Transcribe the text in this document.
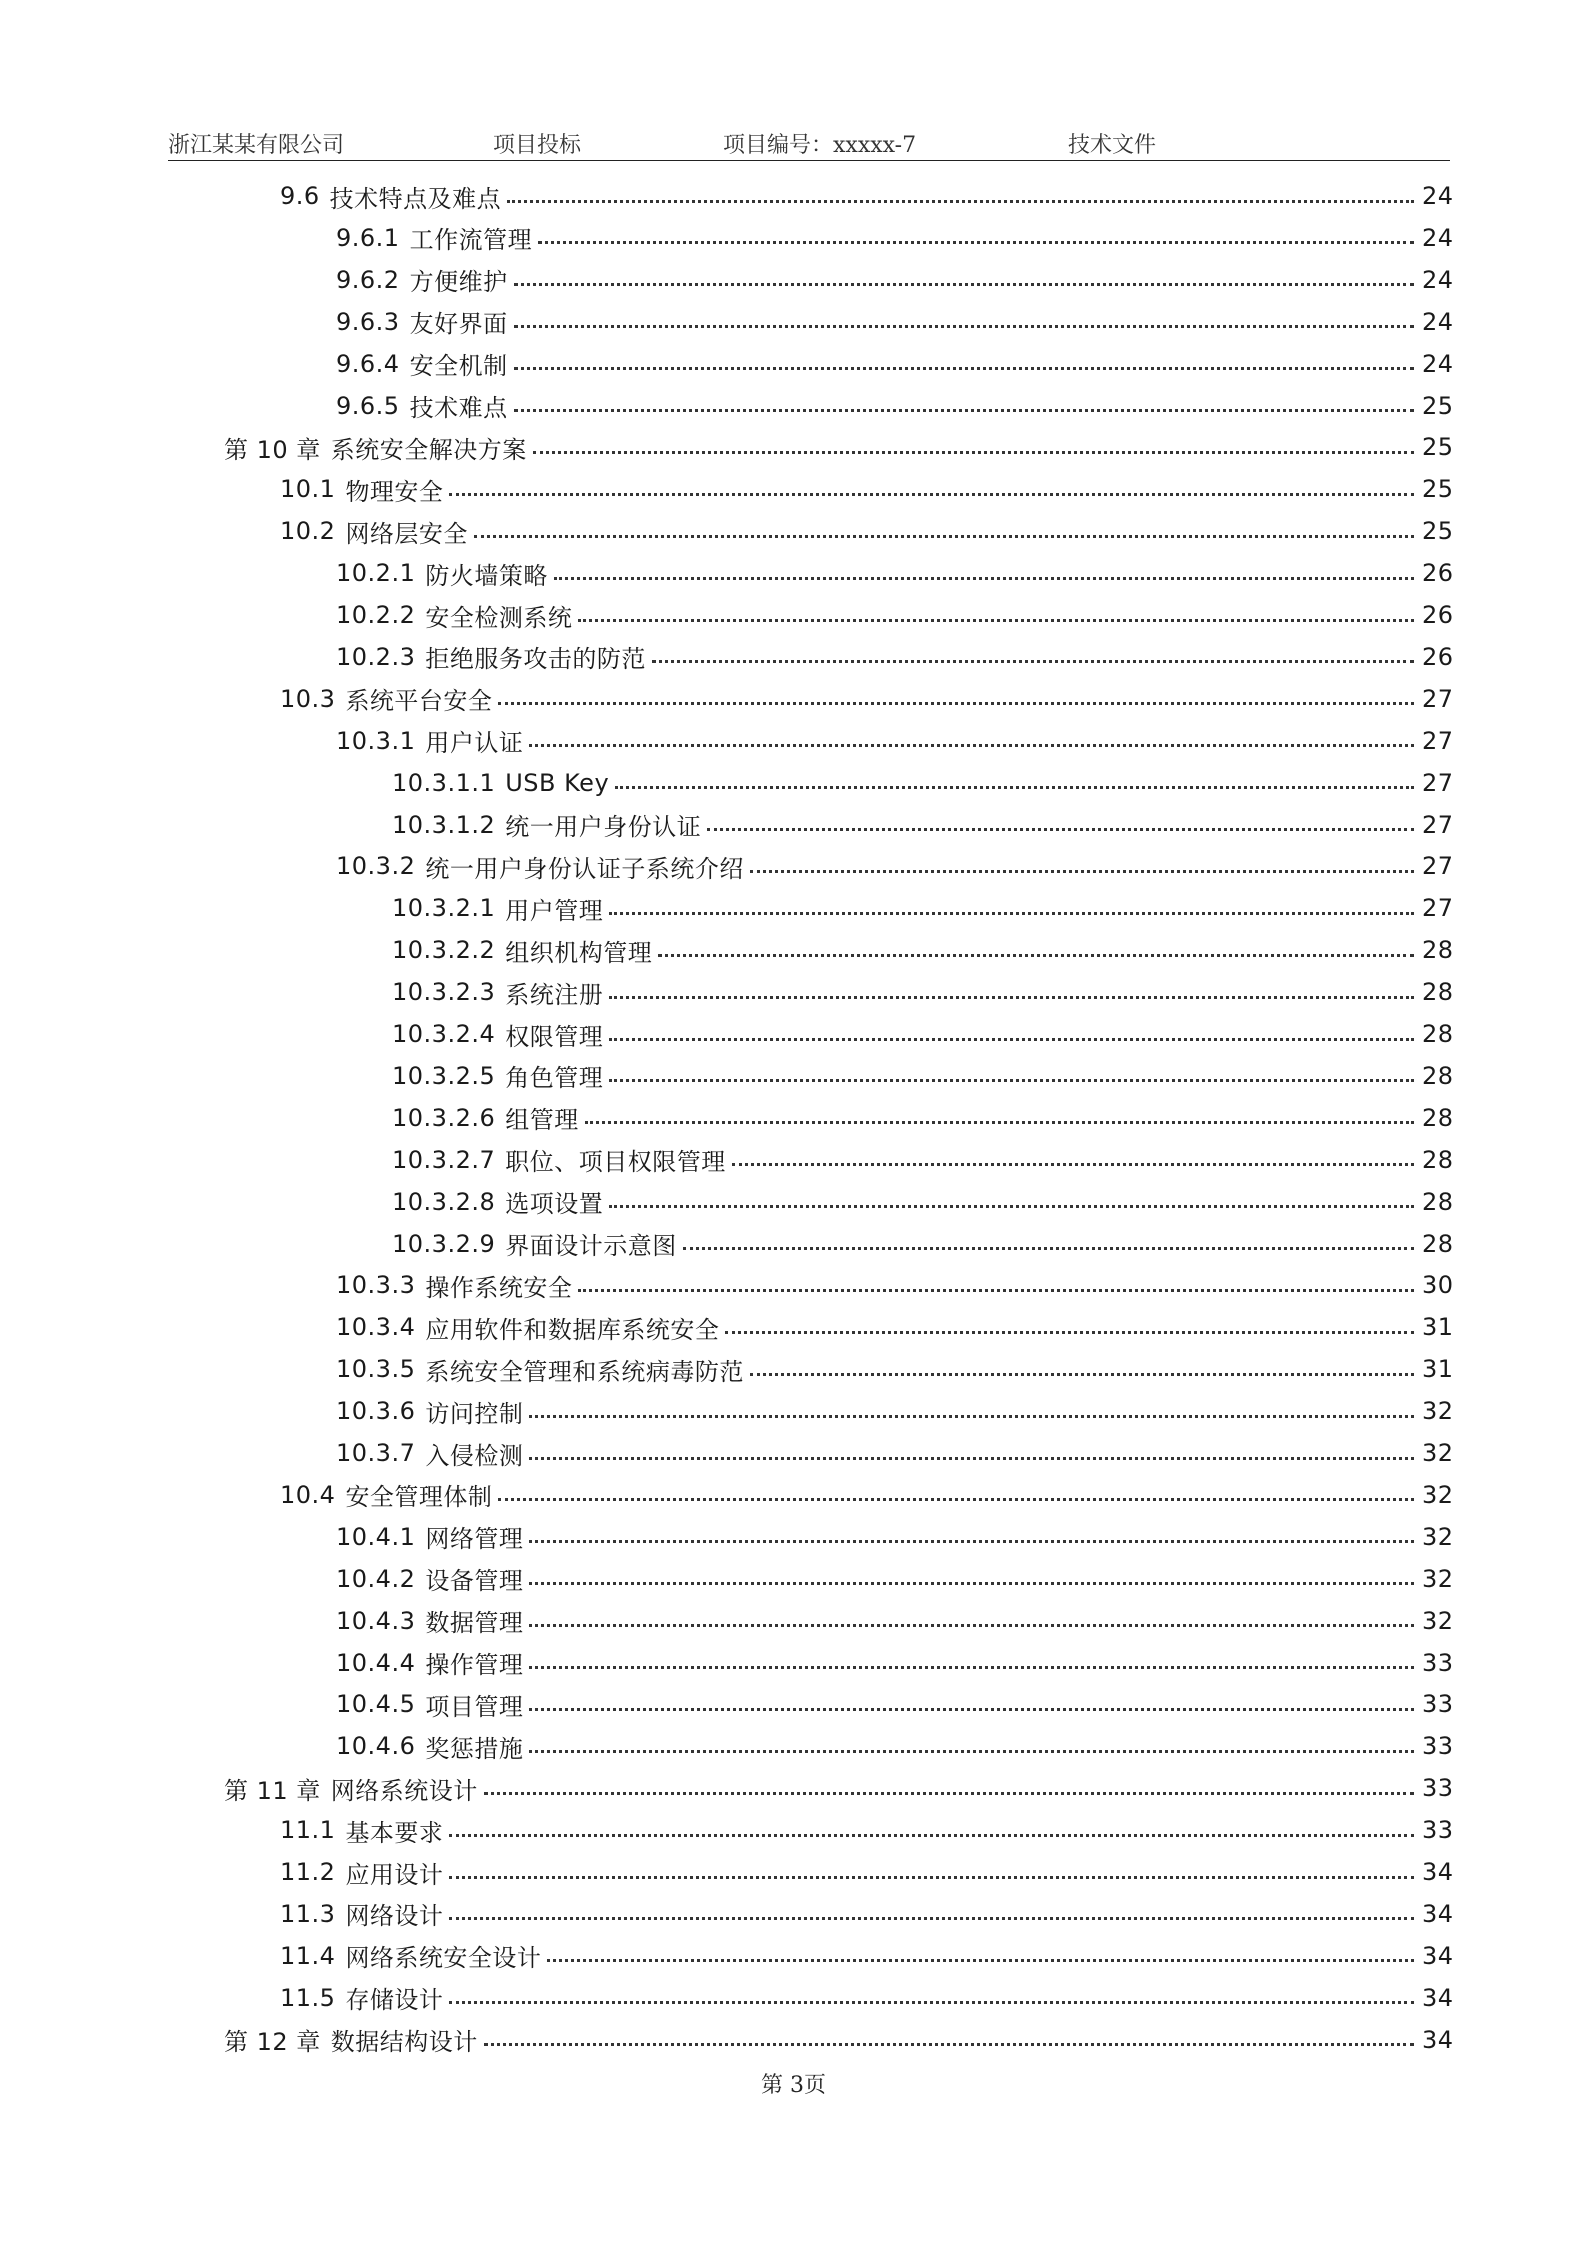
浙江某某有限公司	项目投标	项目编号：xxxxx-7	技术文件
9.6 技术特点及难点	24
9.6.1 工作流管理	24
9.6.2 方便维护	24
9.6.3 友好界面	24
9.6.4 安全机制	24
9.6.5 技术难点	25
第 10 章 系统安全解决方案	25
10.1 物理安全	25
10.2 网络层安全	25
10.2.1 防火墙策略	26
10.2.2 安全检测系统	26
10.2.3 拒绝服务攻击的防范	26
10.3 系统平台安全	27
10.3.1 用户认证	27
10.3.1.1 USB Key	27
10.3.1.2 统一用户身份认证	27
10.3.2 统一用户身份认证子系统介绍	27
10.3.2.1 用户管理	27
10.3.2.2 组织机构管理	28
10.3.2.3 系统注册	28
10.3.2.4 权限管理	28
10.3.2.5 角色管理	28
10.3.2.6 组管理	28
10.3.2.7 职位、项目权限管理	28
10.3.2.8 选项设置	28
10.3.2.9 界面设计示意图	28
10.3.3 操作系统安全	30
10.3.4 应用软件和数据库系统安全	31
10.3.5 系统安全管理和系统病毒防范	31
10.3.6 访问控制	32
10.3.7 入侵检测	32
10.4 安全管理体制	32
10.4.1 网络管理	32
10.4.2 设备管理	32
10.4.3 数据管理	32
10.4.4 操作管理	33
10.4.5 项目管理	33
10.4.6 奖惩措施	33
第 11 章 网络系统设计	33
11.1 基本要求	33
11.2 应用设计	34
11.3 网络设计	34
11.4 网络系统安全设计	34
11.5 存储设计	34
第 12 章 数据结构设计	34
第 3页
